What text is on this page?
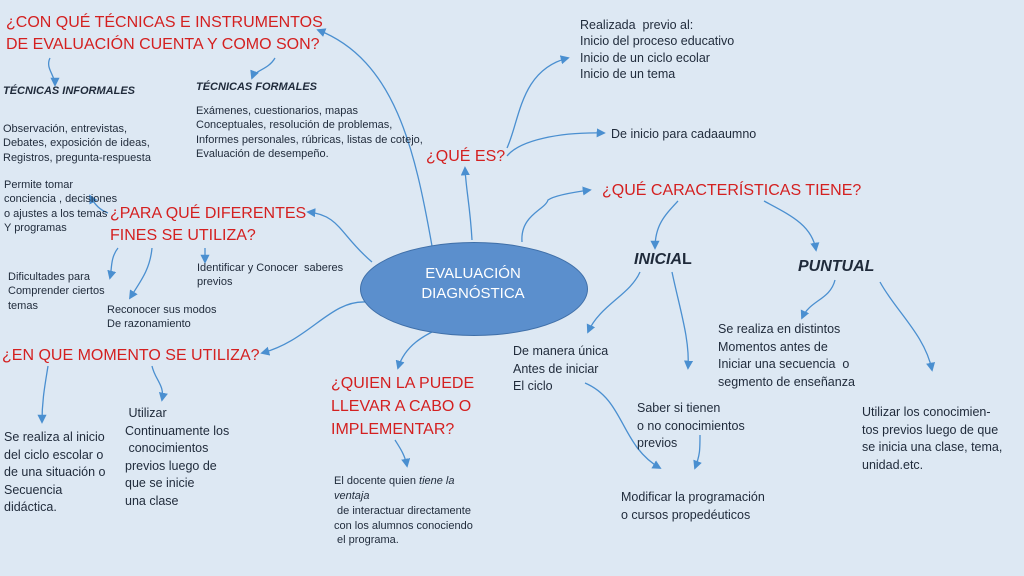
EVALUACIÓN
DIAGNÓSTICA
¿CON QUÉ TÉCNICAS E INSTRUMENTOS
DE EVALUACIÓN CUENTA Y COMO SON?
¿QUÉ ES?
¿QUÉ CARACTERÍSTICAS TIENE?
¿PARA QUÉ DIFERENTES
FINES SE UTILIZA?
¿EN QUE MOMENTO SE UTILIZA?
¿QUIEN LA PUEDE
LLEVAR A CABO O
IMPLEMENTAR?
TÉCNICAS INFORMALES
Observación, entrevistas,
Debates, exposición de ideas,
Registros, pregunta-respuesta
TÉCNICAS FORMALES
Exámenes, cuestionarios, mapas
Conceptuales, resolución de problemas,
Informes personales, rúbricas, listas de cotejo,
Evaluación de desempeño.
Realizada  previo al:
Inicio del proceso educativo
Inicio de un ciclo ecolar
Inicio de un tema
De inicio para cadaaumno
Permite tomar
conciencia , decisiones
o ajustes a los temas
Y programas
Dificultades para
Comprender ciertos
temas	Reconocer sus modos
De razonamiento
Identificar y Conocer  saberes
previos
Se realiza al inicio
del ciclo escolar o
de una situación o
Secuencia
didáctica.
Utilizar
Continuamente los
conocimientos
previos luego de
que se inicie
una clase
El docente quien tiene la
ventaja
de interactuar directamente
con los alumnos conociendo
el programa.
INICIAL	PUNTUAL
De manera única
Antes de iniciar
El ciclo
Saber si tienen
o no conocimientos
previos
Modificar la programación
o cursos propedéuticos
Se realiza en distintos
Momentos antes de
Iniciar una secuencia  o
segmento de enseñanza
Utilizar los conocimien-
tos previos luego de que
se inicia una clase, tema,
unidad.etc.
